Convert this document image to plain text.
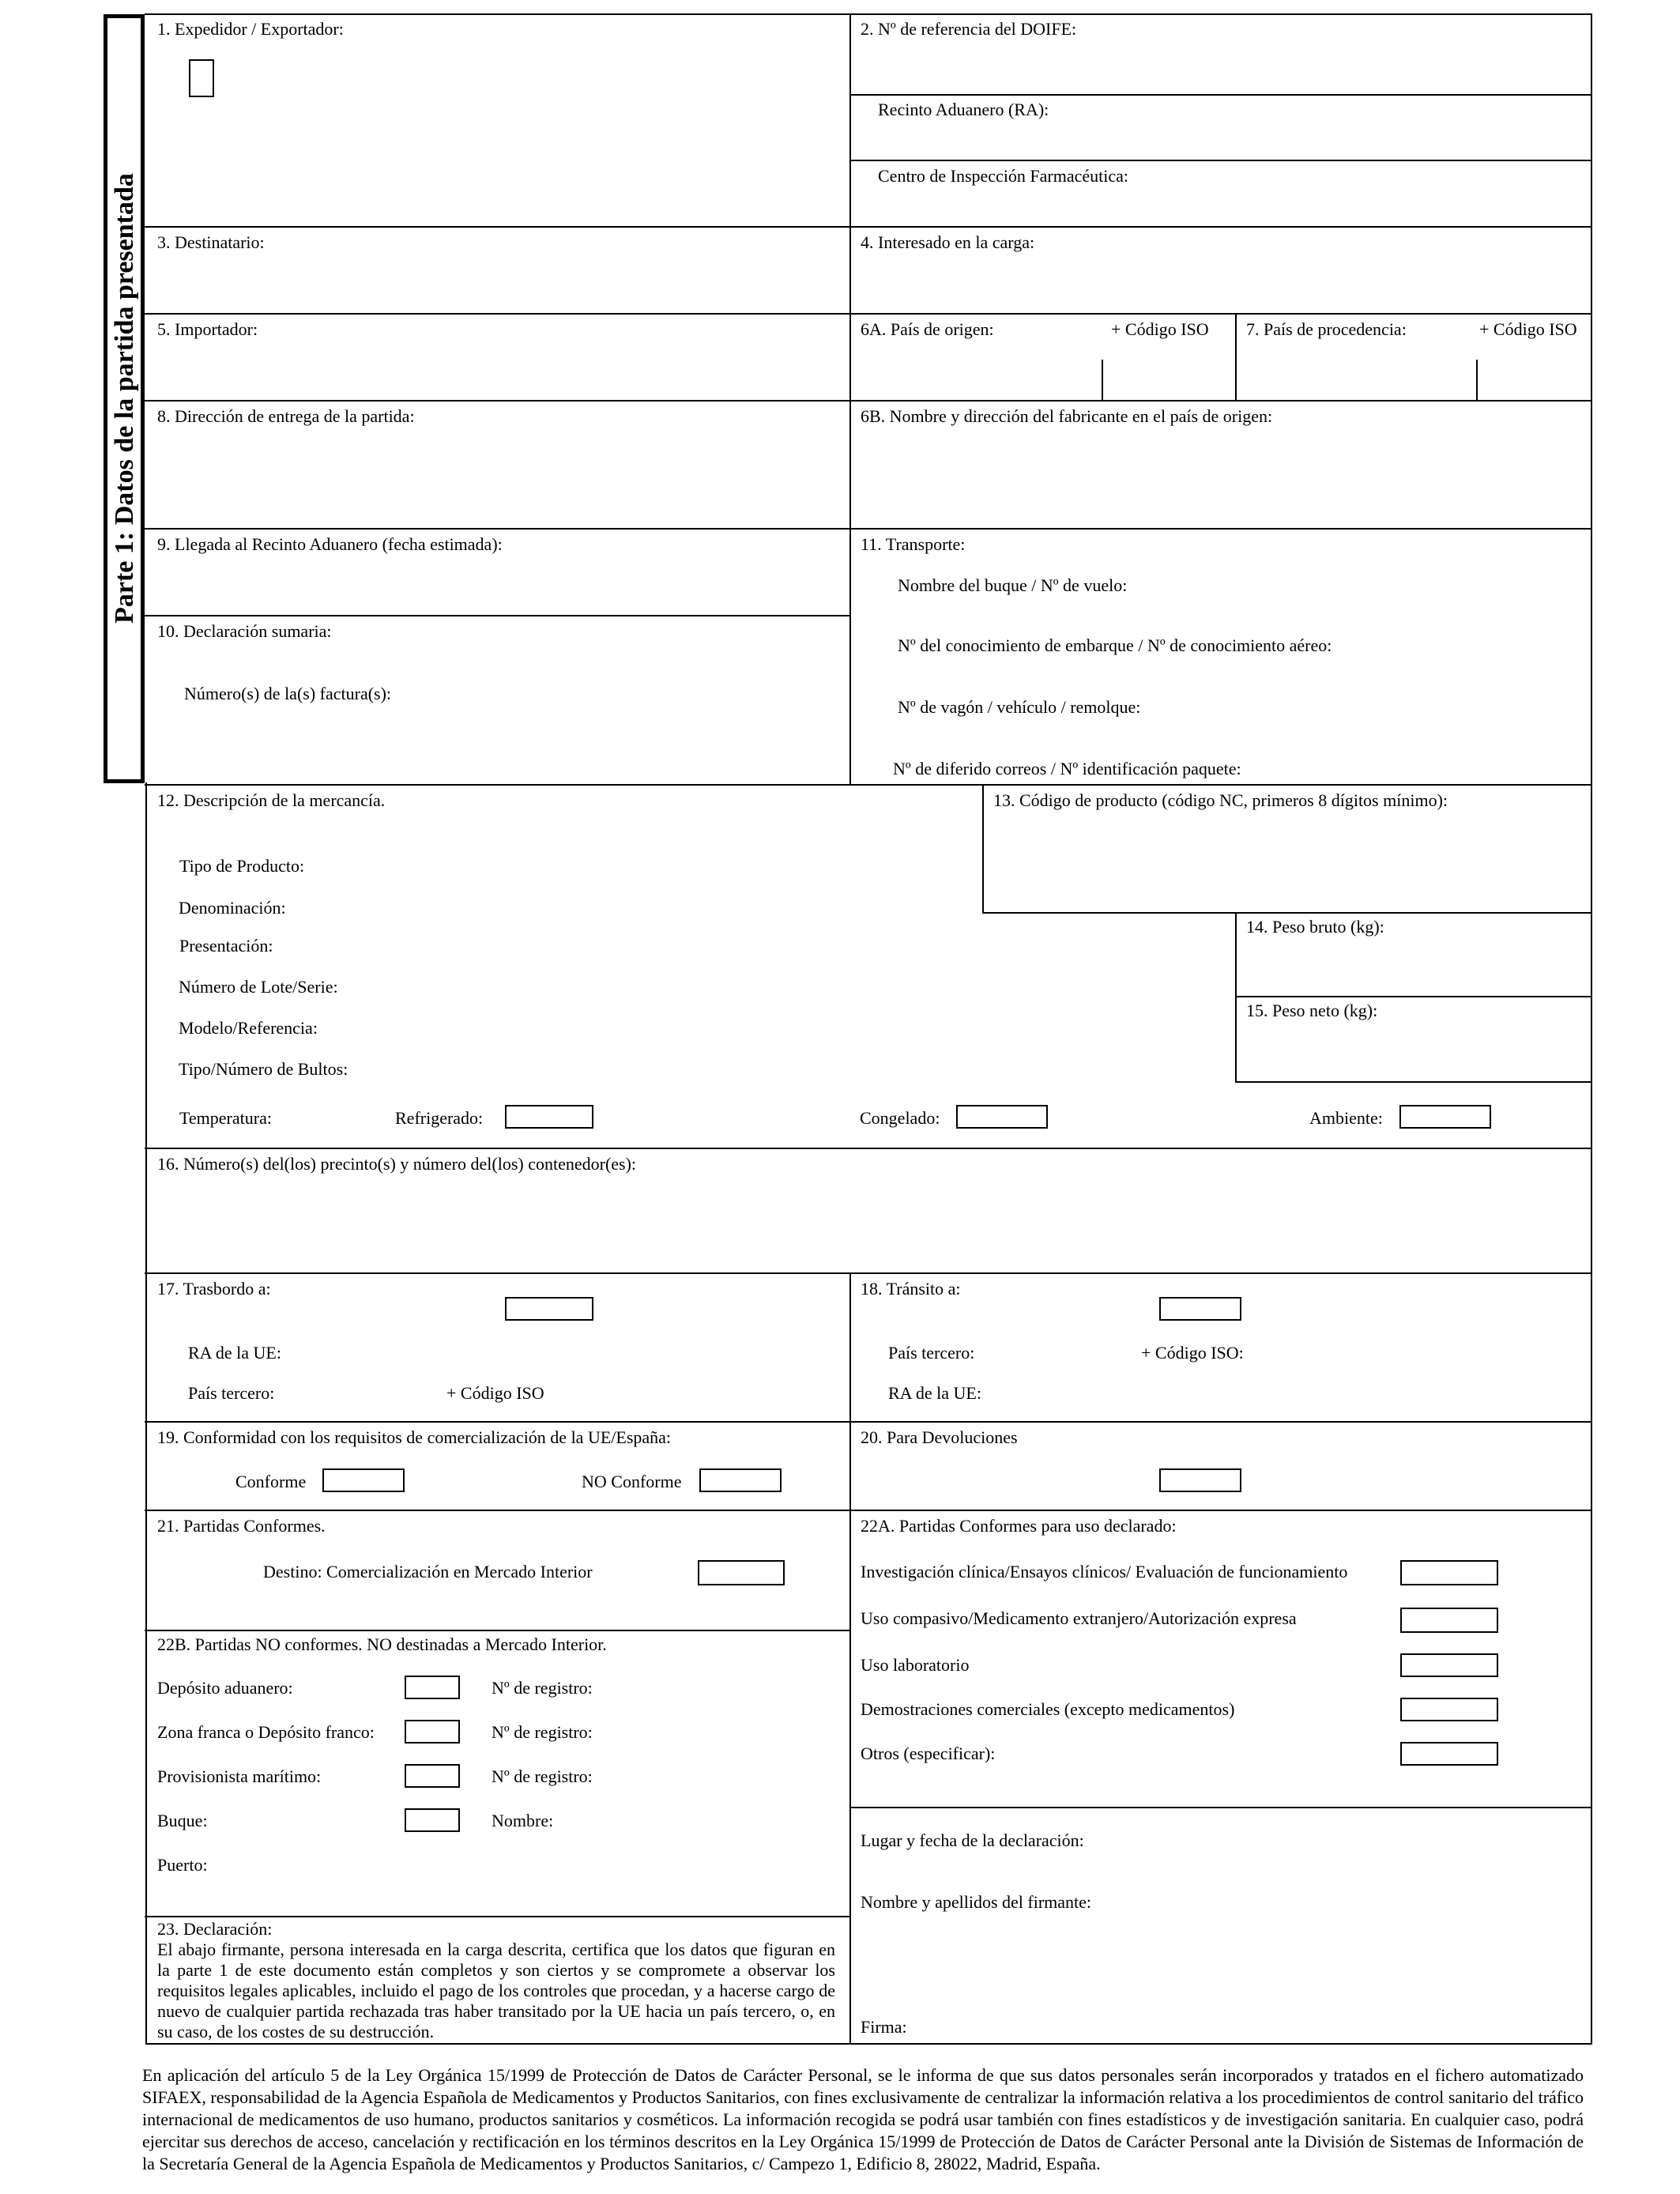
Parte 1: Datos de la partida presentada
1. Expedidor / Exportador:	2. Nº de referencia del DOIFE:
Recinto Aduanero (RA):
Centro de Inspección Farmacéutica:
3. Destinatario:	4. Interesado en la carga:
5. Importador:	6A. País de origen:	+ Código ISO 7. País de procedencia:	+ Código ISO
8. Dirección de entrega de la partida:	6B. Nombre y dirección del fabricante en el país de origen:
9. Llegada al Recinto Aduanero (fecha estimada):
10. Declaración sumaria:
Número(s) de la(s) factura(s):
11. Transporte:
Nombre del buque / Nº de vuelo:
Nº del conocimiento de embarque / Nº de conocimiento aéreo:
Nº de vagón / vehículo / remolque:
Nº de diferido correos / Nº identificación paquete:
12. Descripción de la mercancía.
Tipo de Producto:
Denominación:
Presentación:
Número de Lote/Serie:
Modelo/Referencia:
Tipo/Número de Bultos:
13. Código de producto (código NC, primeros 8 dígitos mínimo):
14. Peso bruto (kg):
15. Peso neto (kg):
Temperatura:	Refrigerado:	Congelado:	Ambiente:
16. Número(s) del(los) precinto(s) y número del(los) contenedor(es):
17. Trasbordo a:
RA de la UE:
País tercero:	+ Código ISO
18. Tránsito a:
País tercero:	+ Código ISO:
RA de la UE:
19. Conformidad con los requisitos de comercialización de la UE/España:
Conforme	NO Conforme
20. Para Devoluciones
21. Partidas Conformes.
Destino: Comercialización en Mercado Interior
22A. Partidas Conformes para uso declarado:
Investigación clínica/Ensayos clínicos/ Evaluación de funcionamiento
Uso compasivo/Medicamento extranjero/Autorización expresa
Uso laboratorio
Demostraciones comerciales (excepto medicamentos)
Otros (especificar):
22B. Partidas NO conformes. NO destinadas a Mercado Interior.
Depósito aduanero:	Nº de registro:
Zona franca o Depósito franco:	Nº de registro:
Provisionista marítimo:	Nº de registro:
Buque:	Nombre:
Puerto:
Lugar y fecha de la declaración:
Nombre y apellidos del firmante:
Firma:
23. Declaración:
El abajo firmante, persona interesada en la carga descrita, certifica que los datos que figuran en la parte 1 de este documento están completos y son ciertos y se compromete a observar los requisitos legales aplicables, incluido el pago de los controles que procedan, y a hacerse cargo de nuevo de cualquier partida rechazada tras haber transitado por la UE hacia un país tercero, o, en su caso, de los costes de su destrucción.
En aplicación del artículo 5 de la Ley Orgánica 15/1999 de Protección de Datos de Carácter Personal, se le informa de que sus datos personales serán incorporados y tratados en el fichero automatizado SIFAEX, responsabilidad de la Agencia Española de Medicamentos y Productos Sanitarios, con fines exclusivamente de centralizar la información relativa a los procedimientos de control sanitario del tráfico internacional de medicamentos de uso humano, productos sanitarios y cosméticos. La información recogida se podrá usar también con fines estadísticos y de investigación sanitaria. En cualquier caso, podrá ejercitar sus derechos de acceso, cancelación y rectificación en los términos descritos en la Ley Orgánica 15/1999 de Protección de Datos de Carácter Personal ante la División de Sistemas de Información de la Secretaría General de la Agencia Española de Medicamentos y Productos Sanitarios, c/ Campezo 1, Edificio 8, 28022, Madrid, España.
